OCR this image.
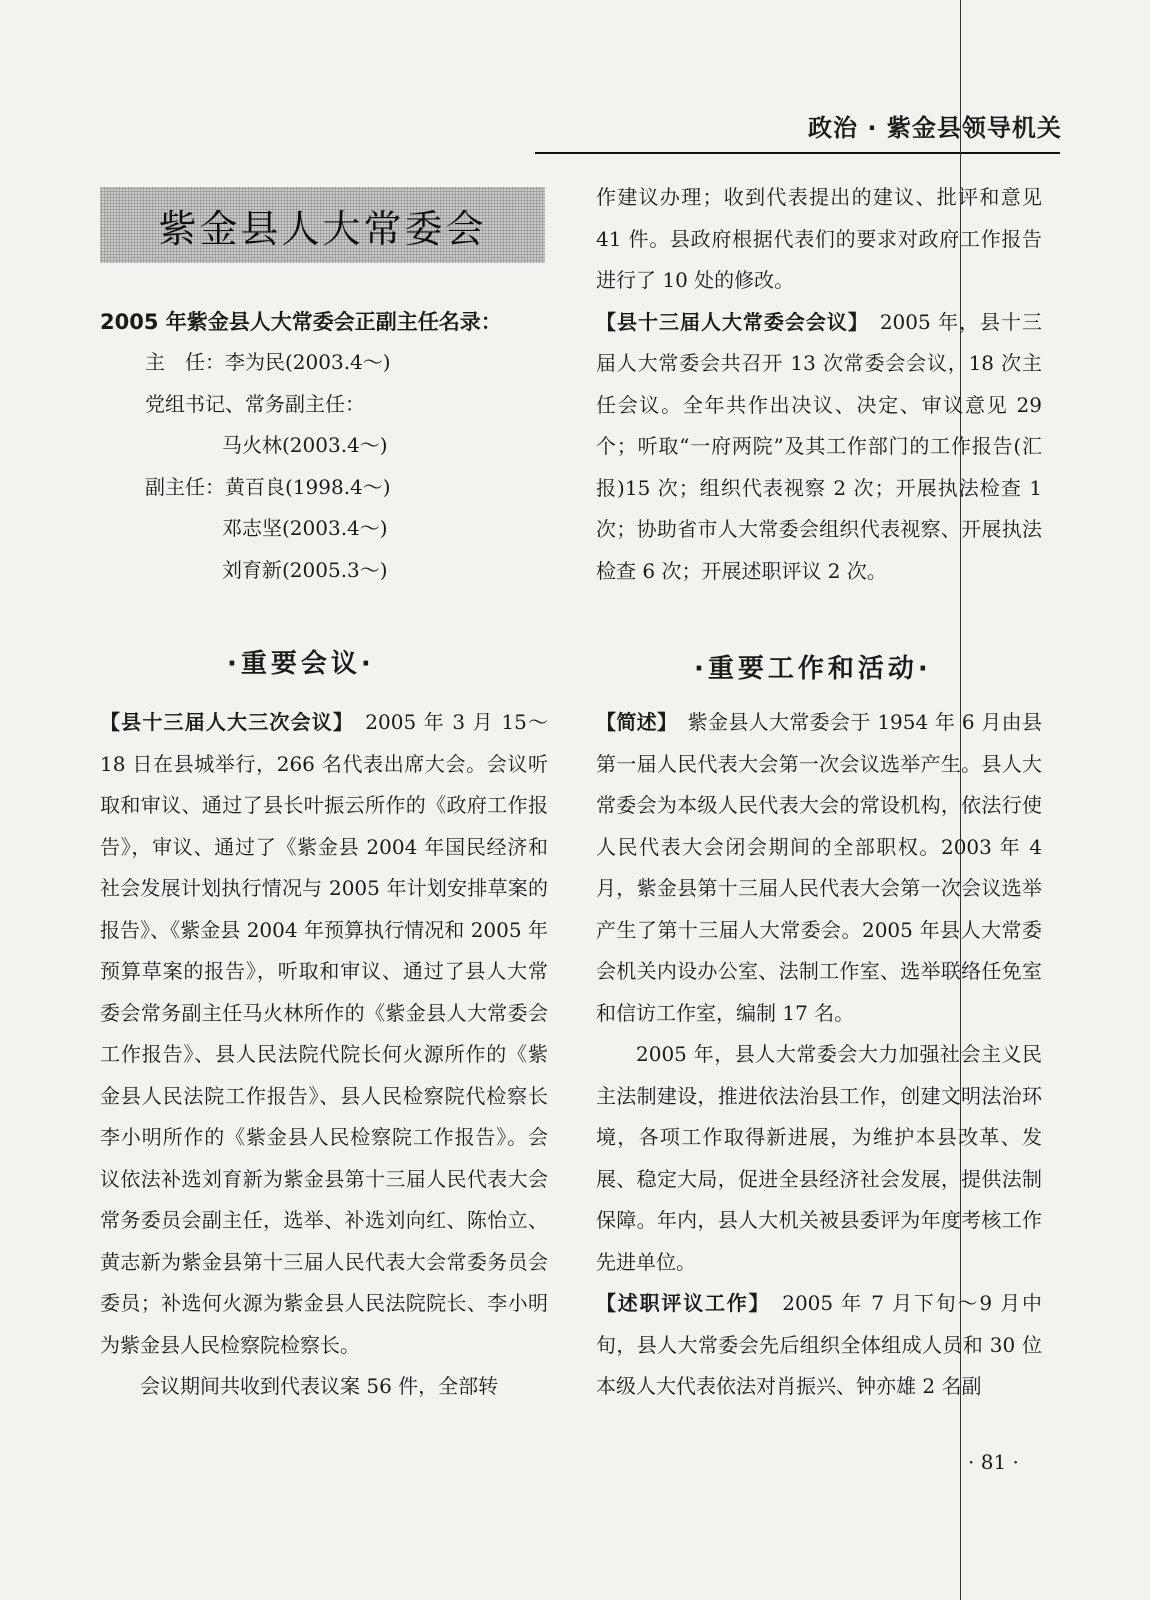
政治 · 紫金县领导机关
紫金县人大常委会
2005 年紫金县人大常委会正副主任名录：
主　任：李为民(2003.4～)
党组书记、常务副主任：
马火林(2003.4～)
副主任：黄百良(1998.4～)
邓志坚(2003.4～)
刘育新(2005.3～)
·重要会议·	·重要工作和活动·

【县十三届人大三次会议】　 2005 年 3 月 15～18 日在县城举行，266 名代表出席大会。会议听取和审议、通过了县长叶振云所作的《政府工作报告》，审议、通过了《紫金县 2004 年国民经济和社会发展计划执行情况与 2005 年计划安排草案的报告》、《紫金县 2004 年预算执行情况和 2005 年预算草案的报告》，听取和审议、通过了县人大常委会常务副主任马火林所作的《紫金县人大常委会工作报告》、县人民法院代院长何火源所作的《紫金县人民法院工作报告》、县人民检察院代检察长李小明所作的《紫金县人民检察院工作报告》。会议依法补选刘育新为紫金县第十三届人民代表大会常务委员会副主任，选举、补选刘向红、陈怡立、黄志新为紫金县第十三届人民代表大会常委务员会委员；补选何火源为紫金县人民法院院长、李小明为紫金县人民检察院检察长。

会议期间共收到代表议案 56 件，全部转

作建议办理；收到代表提出的建议、批评和意见 41 件。县政府根据代表们的要求对政府工作报告进行了 10 处的修改。

【县十三届人大常委会会议】　 2005 年，县十三届人大常委会共召开 13 次常委会会议，18 次主任会议。全年共作出决议、决定、审议意见 29 个；听取“一府两院”及其工作部门的工作报告(汇报)15 次；组织代表视察 2 次；开展执法检查 1 次；协助省市人大常委会组织代表视察、开展执法检查 6 次；开展述职评议 2 次。

【简述】　 紫金县人大常委会于 1954 年 6 月由县第一届人民代表大会第一次会议选举产生。县人大常委会为本级人民代表大会的常设机构，依法行使人民代表大会闭会期间的全部职权。2003 年 4 月，紫金县第十三届人民代表大会第一次会议选举产生了第十三届人大常委会。2005 年县人大常委会机关内设办公室、法制工作室、选举联络任免室和信访工作室，编制 17 名。

2005 年，县人大常委会大力加强社会主义民主法制建设，推进依法治县工作，创建文明法治环境，各项工作取得新进展，为维护本县改革、发展、稳定大局，促进全县经济社会发展，提供法制保障。年内，县人大机关被县委评为年度考核工作先进单位。

【述职评议工作】　 2005 年 7 月下旬～9 月中旬，县人大常委会先后组织全体组成人员和 30 位本级人大代表依法对肖振兴、钟亦雄 2 名副

· 81 ·
